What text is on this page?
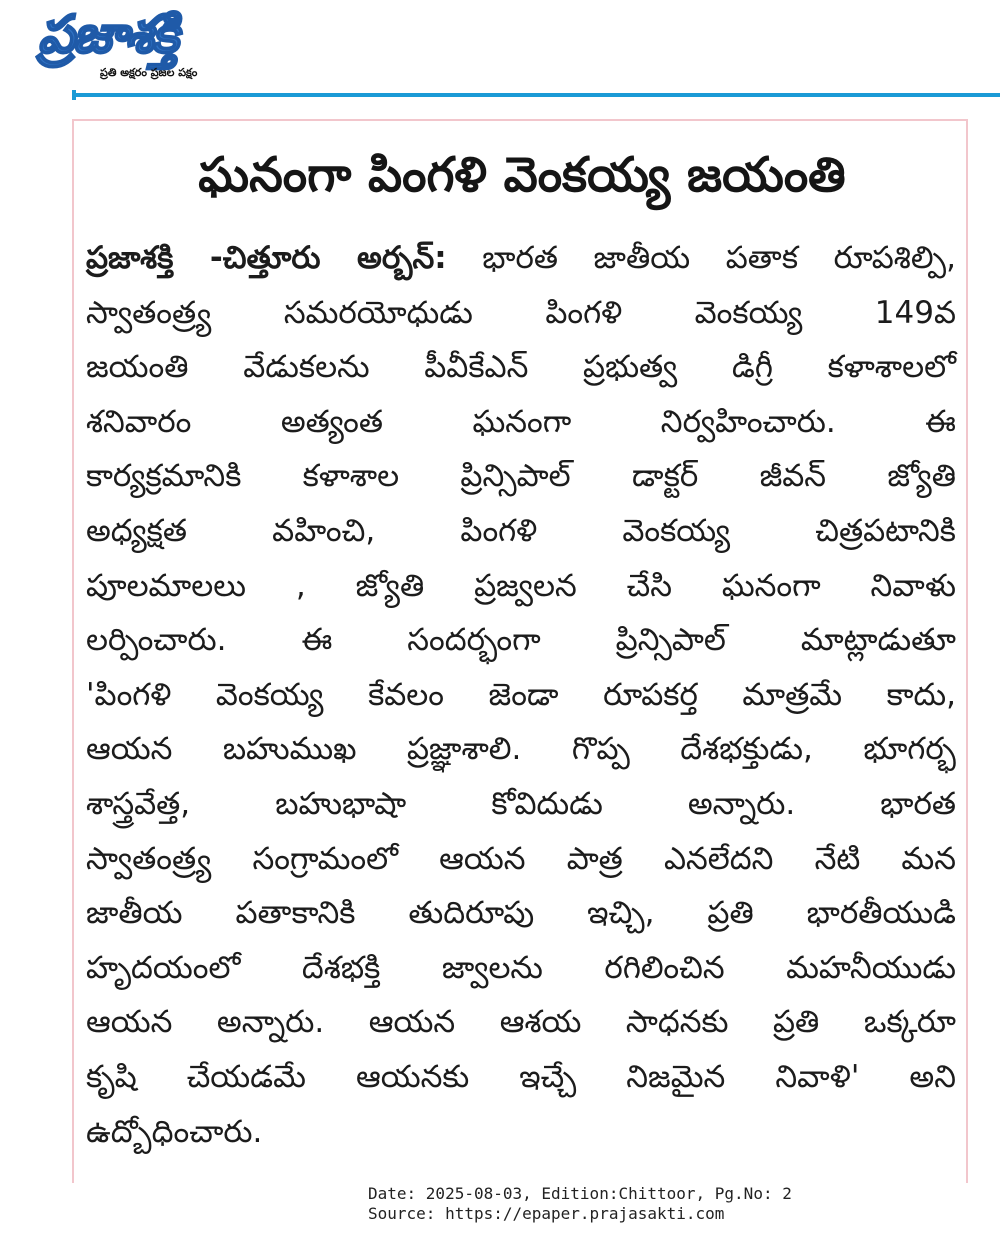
ప్రజాశక్తి
ప్రతి అక్షరం ప్రజల పక్షం
ఘనంగా పింగళి వెంకయ్య జయంతి
ప్రజాశక్తి -చిత్తూరు అర్బన్: భారత జాతీయ పతాక రూపశిల్పి,
స్వాతంత్ర్య సమరయోధుడు పింగళి వెంకయ్య 149వ
జయంతి వేడుకలను పీవీకేఎన్ ప్రభుత్వ డిగ్రీ కళాశాలలో
శనివారం అత్యంత ఘనంగా నిర్వహించారు. ఈ
కార్యక్రమానికి కళాశాల ప్రిన్సిపాల్ డాక్టర్ జీవన్ జ్యోతి
అధ్యక్షత వహించి, పింగళి వెంకయ్య చిత్రపటానికి
పూలమాలలు , జ్యోతి ప్రజ్వలన చేసి ఘనంగా నివాళు
లర్పించారు. ఈ సందర్భంగా ప్రిన్సిపాల్ మాట్లాడుతూ
'పింగళి వెంకయ్య కేవలం జెండా రూపకర్త మాత్రమే కాదు,
ఆయన బహుముఖ ప్రజ్ఞాశాలి. గొప్ప దేశభక్తుడు, భూగర్భ
శాస్త్రవేత్త, బహుభాషా కోవిదుడు అన్నారు. భారత
స్వాతంత్ర్య సంగ్రామంలో ఆయన పాత్ర ఎనలేదని నేటి మన
జాతీయ పతాకానికి తుదిరూపు ఇచ్చి, ప్రతి భారతీయుడి
హృదయంలో దేశభక్తి జ్వాలను రగిలించిన మహనీయుడు
ఆయన అన్నారు. ఆయన ఆశయ సాధనకు ప్రతి ఒక్కరూ
కృషి చేయడమే ఆయనకు ఇచ్చే నిజమైన నివాళి' అని
ఉద్బోధించారు.
Date: 2025-08-03, Edition:Chittoor, Pg.No: 2
Source: https://epaper.prajasakti.com
